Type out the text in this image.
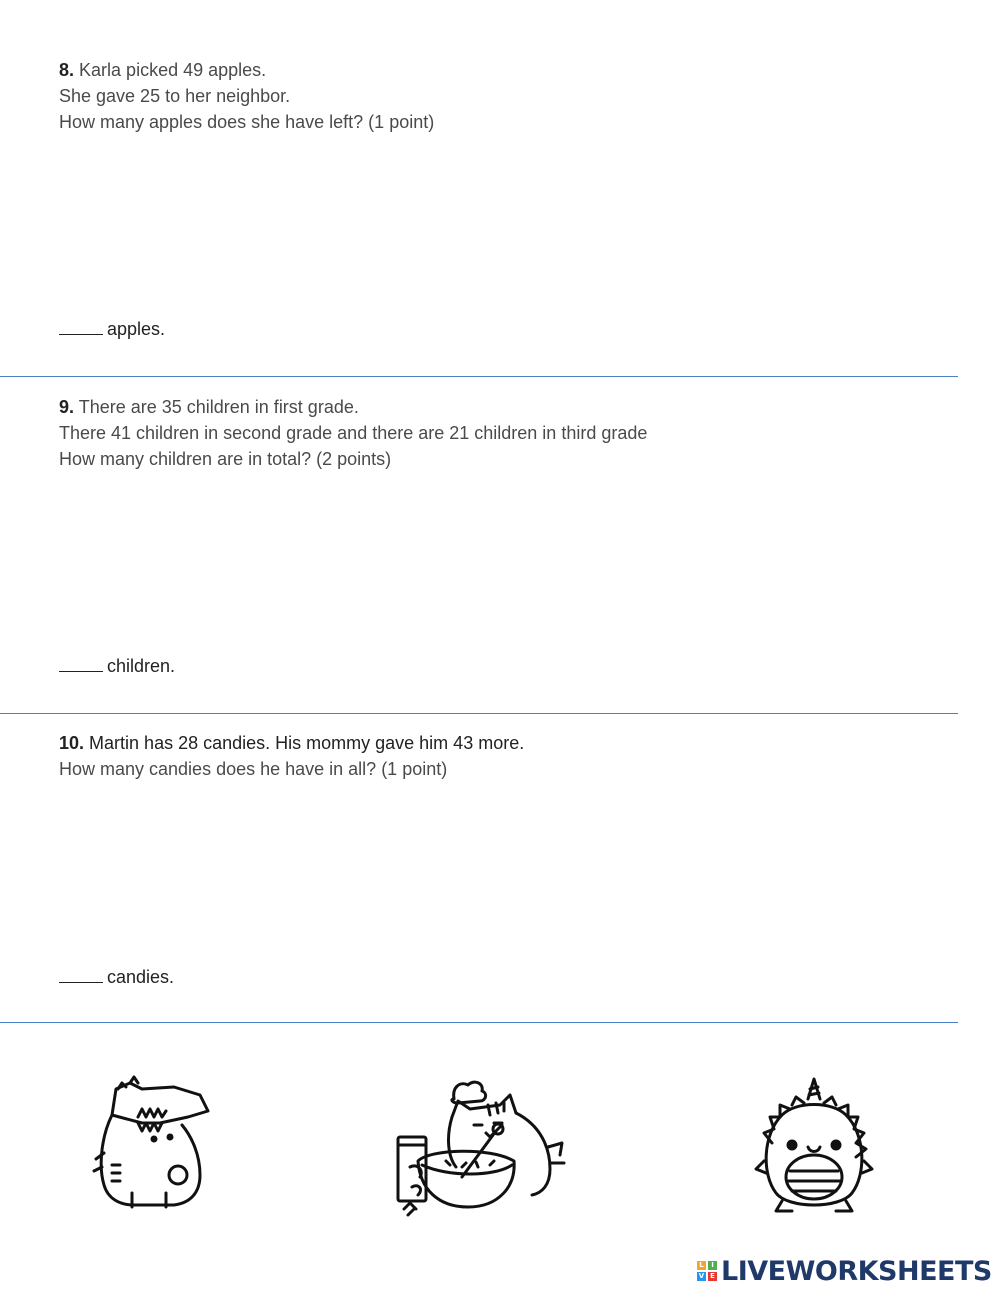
8. Karla picked 49 apples.
She gave 25 to her neighbor.
How many apples does she have left? (1 point)
apples.
9. There are 35 children in first grade.
There 41 children in second grade and there are 21 children in third grade
How many children are in total? (2 points)
children.
10. Martin has 28 candies. His mommy gave him 43 more.
How many candies does he have in all? (1 point)
candies.
L	I
V E LIVEWORKSHEETS
